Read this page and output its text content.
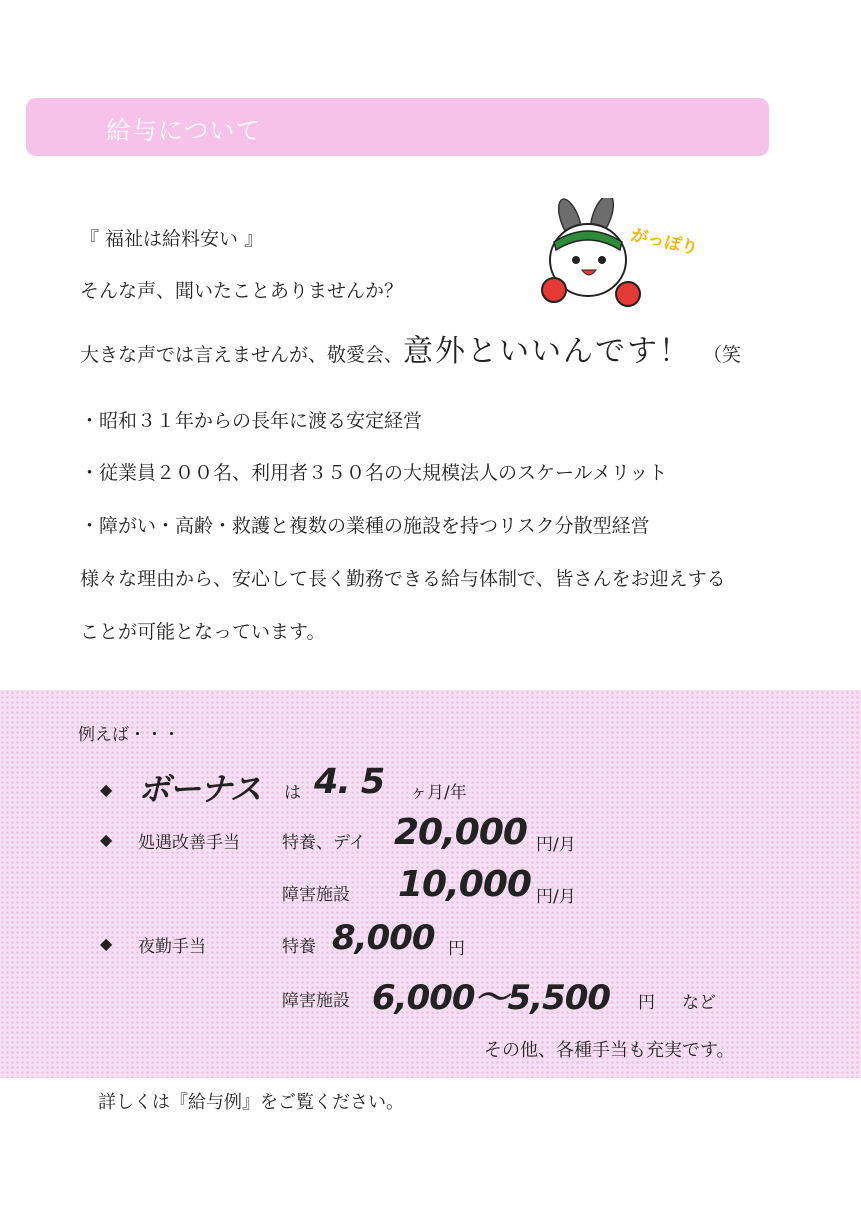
給与について
『 福祉は給料安い 』
そんな声、聞いたことありませんか？
大きな声では言えませんが、敬愛会、意外といいんです！ （笑
がっぽり
・昭和３１年からの長年に渡る安定経営
・従業員２００名、利用者３５０名の大規模法人のスケールメリット
・障がい・高齢・救護と複数の業種の施設を持つリスク分散型経営
様々な理由から、安心して長く勤務できる給与体制で、皆さんをお迎えする
ことが可能となっています。
例えば・・・
◆ ボーナス は 4. 5 ヶ月/年
◆ 処遇改善手当 特養、デイ 20,000 円/月
障害施設 10,000 円/月
◆ 夜勤手当	特養 8,000 円
障害施設 6,000〜5,500 円 など
その他、各種手当も充実です。
詳しくは『給与例』をご覧ください。
